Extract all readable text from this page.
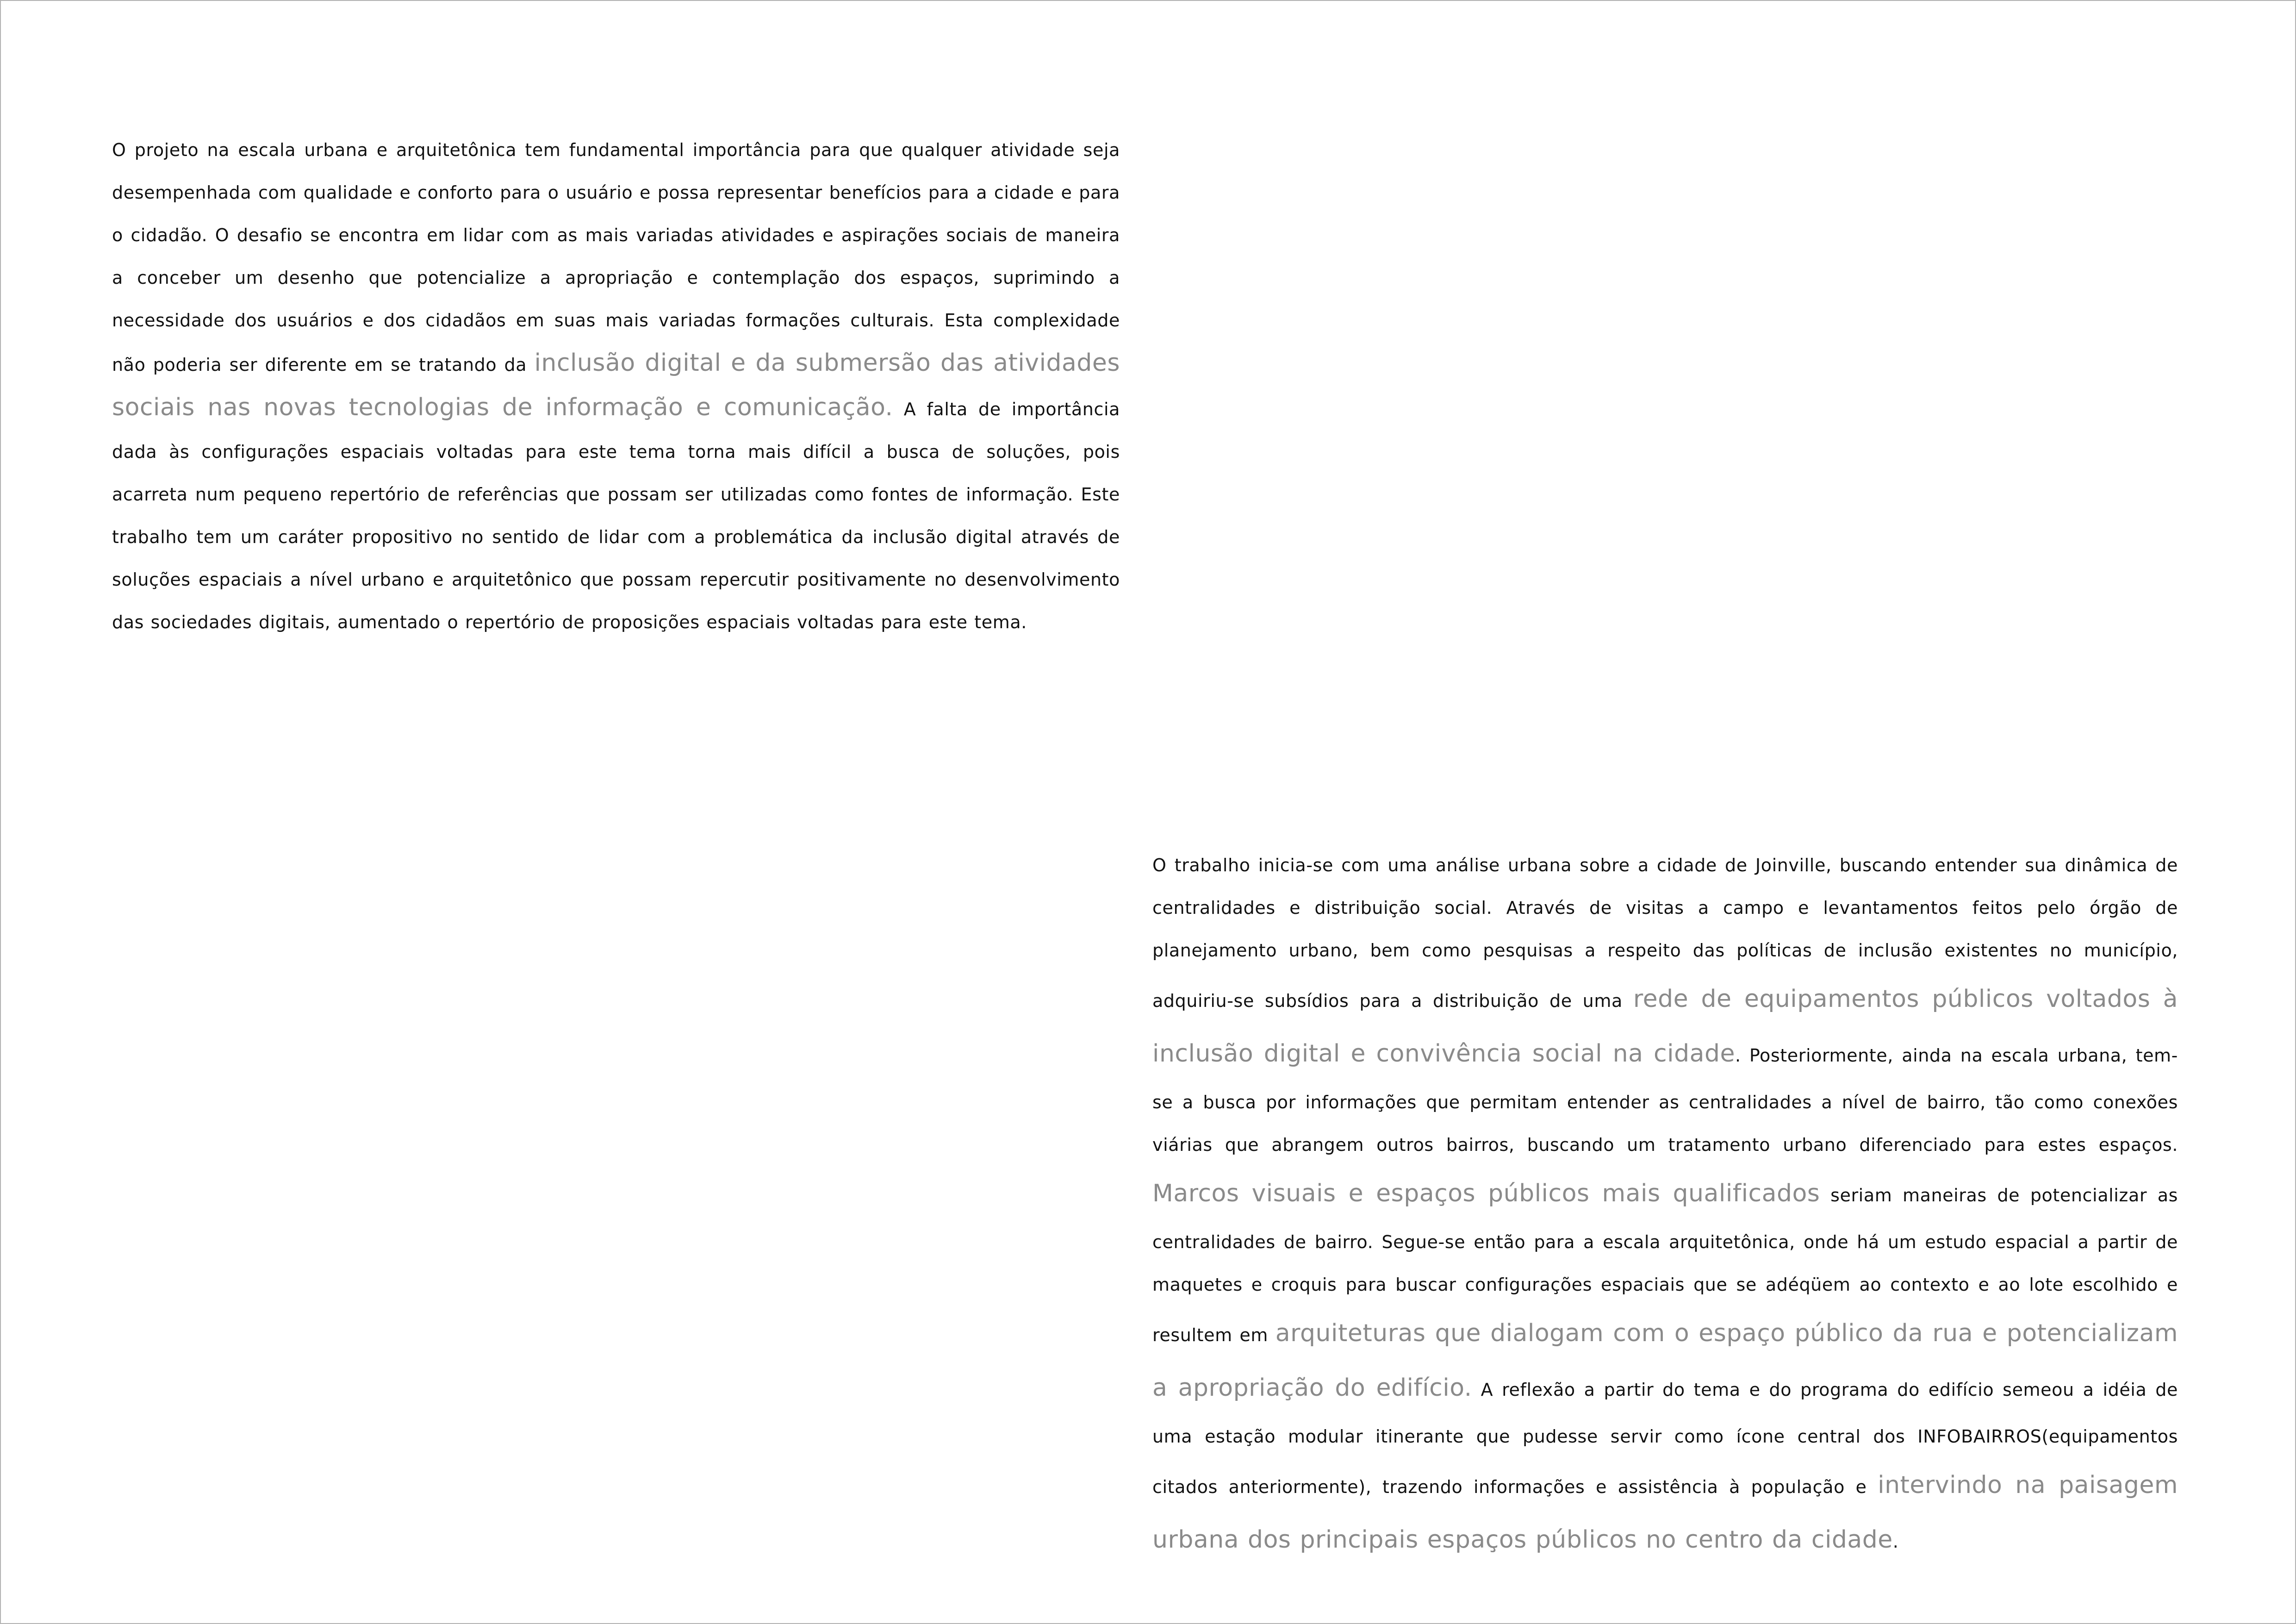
O projeto na escala urbana e arquitetônica tem fundamental importância para que qualquer atividade seja desempenhada com qualidade e conforto para o usuário e possa representar benefícios para a cidade e para o cidadão. O desafio se encontra em lidar com as mais variadas atividades e aspirações sociais de maneira a conceber um desenho que potencialize a apropriação e contemplação dos espaços, suprimindo a necessidade dos usuários e dos cidadãos em suas mais variadas formações culturais. Esta complexidade não poderia ser diferente em se tratando da inclusão digital e da submersão das atividades sociais nas novas tecnologias de informação e comunicação. A falta de importância dada às configurações espaciais voltadas para este tema torna mais difícil a busca de soluções, pois acarreta num pequeno repertório de referências que possam ser utilizadas como fontes de informação. Este trabalho tem um caráter propositivo no sentido de lidar com a problemática da inclusão digital através de soluções espaciais a nível urbano e arquitetônico que possam repercutir positivamente no desenvolvimento das sociedades digitais, aumentado o repertório de proposições espaciais voltadas para este tema.

O trabalho inicia-se com uma análise urbana sobre a cidade de Joinville, buscando entender sua dinâmica de centralidades e distribuição social. Através de visitas a campo e levantamentos feitos pelo órgão de planejamento urbano, bem como pesquisas a respeito das políticas de inclusão existentes no município, adquiriu-se subsídios para a distribuição de uma rede de equipamentos públicos voltados à inclusão digital e convivência social na cidade. Posteriormente, ainda na escala urbana, tem-se a busca por informações que permitam entender as centralidades a nível de bairro, tão como conexões viárias que abrangem outros bairros, buscando um tratamento urbano diferenciado para estes espaços. Marcos visuais e espaços públicos mais qualificados seriam maneiras de potencializar as centralidades de bairro. Segue-se então para a escala arquitetônica, onde há um estudo espacial a partir de maquetes e croquis para buscar configurações espaciais que se adéqüem ao contexto e ao lote escolhido e resultem em arquiteturas que dialogam com o espaço público da rua e potencializam a apropriação do edifício. A reflexão a partir do tema e do programa do edifício semeou a idéia de uma estação modular itinerante que pudesse servir como ícone central dos INFOBAIRROS(equipamentos citados anteriormente), trazendo informações e assistência à população e intervindo na paisagem urbana dos principais espaços públicos no centro da cidade.
